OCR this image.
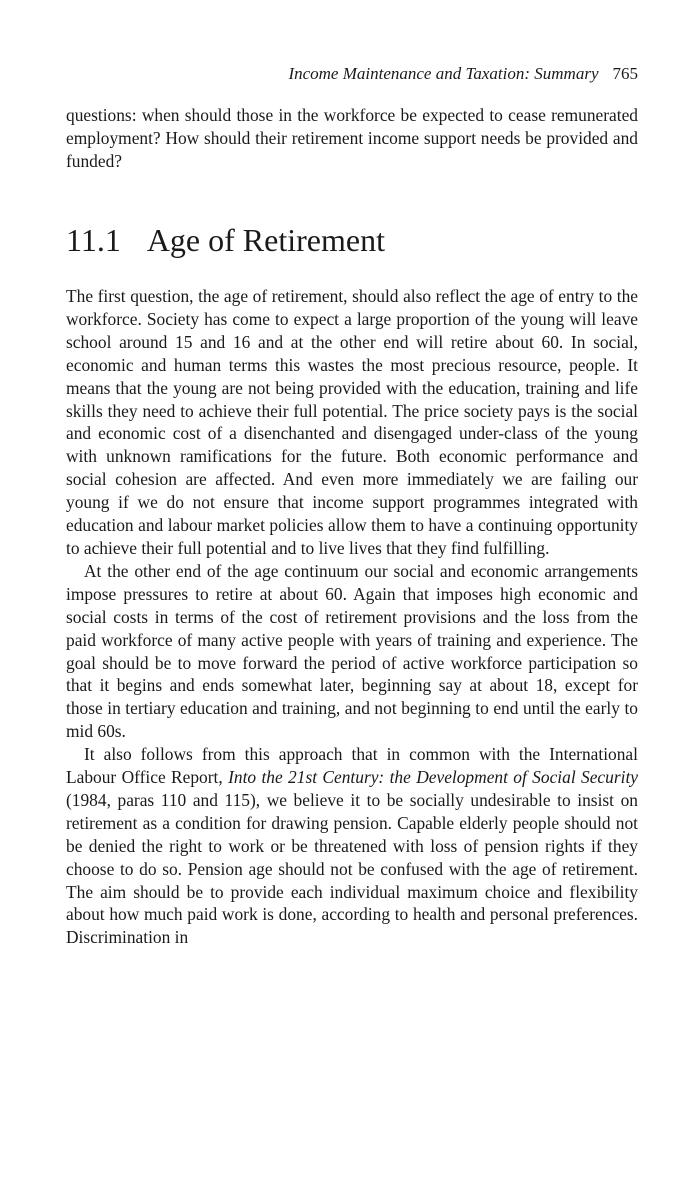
Income Maintenance and Taxation: Summary 765

questions: when should those in the workforce be expected to cease remunerated employment? How should their retirement income support needs be provided and funded?

11.1 Age of Retirement

The first question, the age of retirement, should also reflect the age of entry to the workforce. Society has come to expect a large proportion of the young will leave school around 15 and 16 and at the other end will retire about 60. In social, economic and human terms this wastes the most precious resource, people. It means that the young are not being provided with the education, training and life skills they need to achieve their full potential. The price society pays is the social and economic cost of a disenchanted and disengaged under-class of the young with unknown ramifications for the future. Both economic performance and social cohesion are affected. And even more immediately we are failing our young if we do not ensure that income support programmes integrated with education and labour market policies allow them to have a continuing opportunity to achieve their full potential and to live lives that they find fulfilling.

At the other end of the age continuum our social and economic arrangements impose pressures to retire at about 60. Again that imposes high economic and social costs in terms of the cost of retirement provisions and the loss from the paid workforce of many active people with years of training and experience. The goal should be to move forward the period of active workforce participation so that it begins and ends somewhat later, beginning say at about 18, except for those in tertiary education and training, and not beginning to end until the early to mid 60s.

It also follows from this approach that in common with the International Labour Office Report, Into the 21st Century: the Development of Social Security (1984, paras 110 and 115), we believe it to be socially undesirable to insist on retirement as a condition for drawing pension. Capable elderly people should not be denied the right to work or be threatened with loss of pension rights if they choose to do so. Pension age should not be confused with the age of retirement. The aim should be to provide each individual maximum choice and flexibility about how much paid work is done, according to health and personal preferences. Discrimination in
